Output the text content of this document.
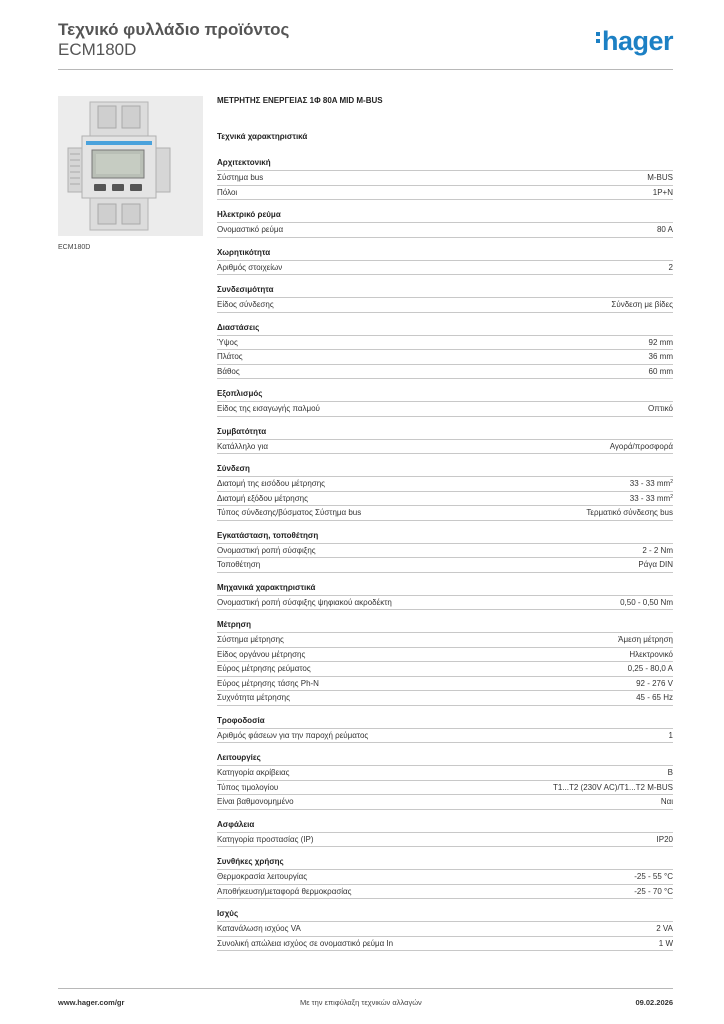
Τεχνικό φυλλάδιο προϊόντος
ECM180D	hager
ECM180D
ΜΕΤΡΗΤΗΣ ΕΝΕΡΓΕΙΑΣ 1Φ 80A MID M-BUS
Τεχνικά χαρακτηριστικά
Αρχιτεκτονική
Σύστημα bus	M-BUS
Πόλοι	1P+N
Ηλεκτρικό ρεύμα
Ονομαστικό ρεύμα	80 A
Χωρητικότητα
Αριθμός στοιχείων	2
Συνδεσιμότητα
Είδος σύνδεσης	Σύνδεση με βίδες
Διαστάσεις
Ύψος	92 mm
Πλάτος	36 mm
Βάθος	60 mm
Εξοπλισμός
Είδος της εισαγωγής παλμού	Οπτικό
Συμβατότητα
Κατάλληλο για	Αγορά/προσφορά
Σύνδεση
Διατομή της εισόδου μέτρησης	33 - 33 $mm^2$
Διατομή εξόδου μέτρησης	33 - 33 $mm^2$
Τύπος σύνδεσης/βύσματος Σύστημα bus	Τερματικό σύνδεσης bus
Εγκατάσταση, τοποθέτηση
Ονομαστική ροπή σύσφιξης	2 - 2 Nm
Τοποθέτηση	Ράγα DIN
Μηχανικά χαρακτηριστικά
Ονομαστική ροπή σύσφιξης ψηφιακού ακροδέκτη	0,50 - 0,50 Nm
Μέτρηση
Σύστημα μέτρησης	Άμεση μέτρηση
Είδος οργάνου μέτρησης	Ηλεκτρονικό
Εύρος μέτρησης ρεύματος	0,25 - 80,0 A
Εύρος μέτρησης τάσης Ph-N	92 - 276 V
Συχνότητα μέτρησης	45 - 65 Hz
Τροφοδοσία
Αριθμός φάσεων για την παροχή ρεύματος	1
Λειτουργίες
Κατηγορία ακρίβειας	B
Τύπος τιμολογίου	T1...T2 (230V AC)/T1...T2 M-BUS
Είναι βαθμονομημένο	Ναι
Ασφάλεια
Κατηγορία προστασίας (IP)	IP20
Συνθήκες χρήσης
Θερμοκρασία λειτουργίας	-25 - 55 °C
Αποθήκευση/μεταφορά θερμοκρασίας	-25 - 70 °C
Ισχύς
Κατανάλωση ισχύος VA	2 VA
Συνολική απώλεια ισχύος σε ονομαστικό ρεύμα In	1 W
www.hager.com/gr	Με την επιφύλαξη τεχνικών αλλαγών	09.02.2026
